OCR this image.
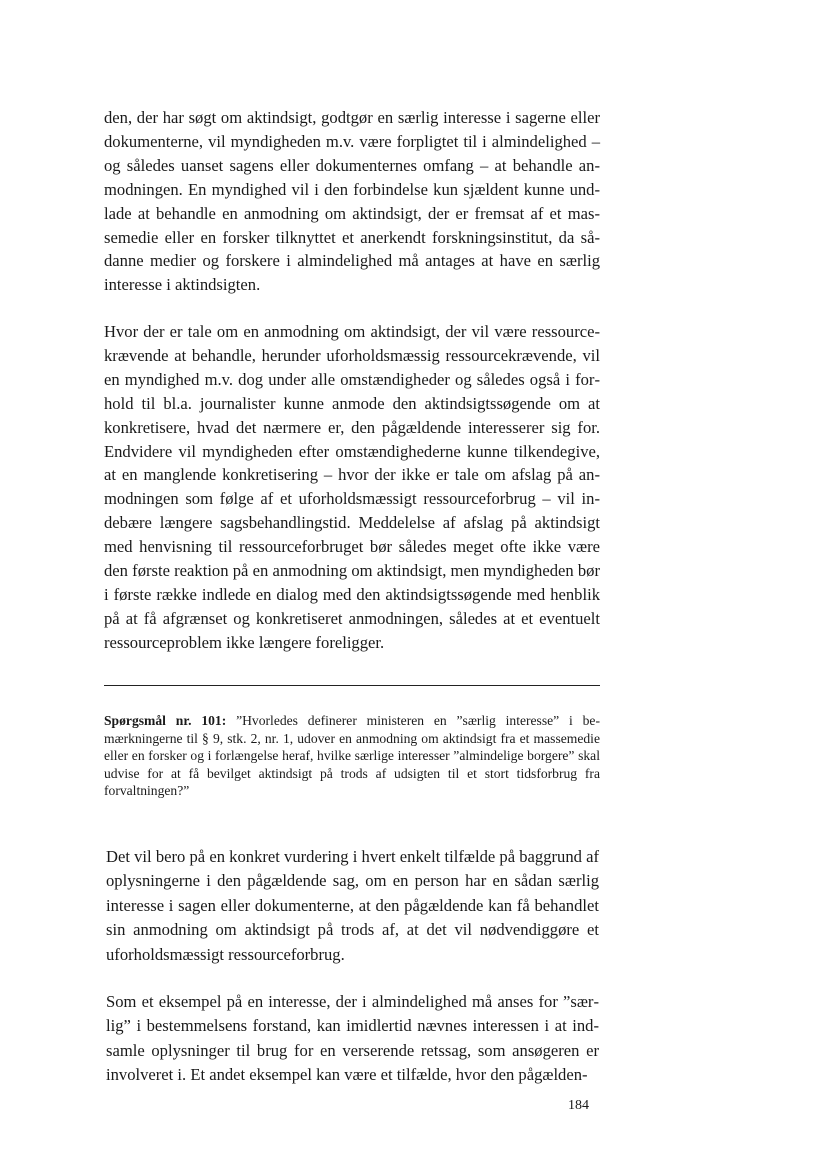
den, der har søgt om aktindsigt, godtgør en særlig interesse i sagerne eller dokumenterne, vil myndigheden m.v. være forpligtet til i almindelighed – og således uanset sagens eller dokumenternes omfang – at behandle anmodningen. En myndighed vil i den forbindelse kun sjældent kunne undlade at behandle en anmodning om aktindsigt, der er fremsat af et massemedie eller en forsker tilknyttet et anerkendt forskningsinstitut, da sådanne medier og forskere i almindelighed må antages at have en særlig interesse i aktindsigten.

Hvor der er tale om en anmodning om aktindsigt, der vil være ressourcekrævende at behandle, herunder uforholdsmæssig ressourcekrævende, vil en myndighed m.v. dog under alle omstændigheder og således også i forhold til bl.a. journalister kunne anmode den aktindsigtssøgende om at konkretisere, hvad det nærmere er, den pågældende interesserer sig for. Endvidere vil myndigheden efter omstændighederne kunne tilkendegive, at en manglende konkretisering – hvor der ikke er tale om afslag på anmodningen som følge af et uforholdsmæssigt ressourceforbrug – vil indebære længere sagsbehandlingstid. Meddelelse af afslag på aktindsigt med henvisning til ressourceforbruget bør således meget ofte ikke være den første reaktion på en anmodning om aktindsigt, men myndigheden bør i første række indlede en dialog med den aktindsigtssøgende med henblik på at få afgrænset og konkretiseret anmodningen, således at et eventuelt ressourceproblem ikke længere foreligger.

Spørgsmål nr. 101: ”Hvorledes definerer ministeren en ”særlig interesse” i bemærkningerne til § 9, stk. 2, nr. 1, udover en anmodning om aktindsigt fra et massemedie eller en forsker og i forlængelse heraf, hvilke særlige interesser ”almindelige borgere” skal udvise for at få bevilget aktindsigt på trods af udsigten til et stort tidsforbrug fra forvaltningen?”

Det vil bero på en konkret vurdering i hvert enkelt tilfælde på baggrund af oplysningerne i den pågældende sag, om en person har en sådan særlig interesse i sagen eller dokumenterne, at den pågældende kan få behandlet sin anmodning om aktindsigt på trods af, at det vil nødvendiggøre et uforholdsmæssigt ressourceforbrug.

Som et eksempel på en interesse, der i almindelighed må anses for ”særlig” i bestemmelsens forstand, kan imidlertid nævnes interessen i at indsamle oplysninger til brug for en verserende retssag, som ansøgeren er involveret i. Et andet eksempel kan være et tilfælde, hvor den pågælden-

184
